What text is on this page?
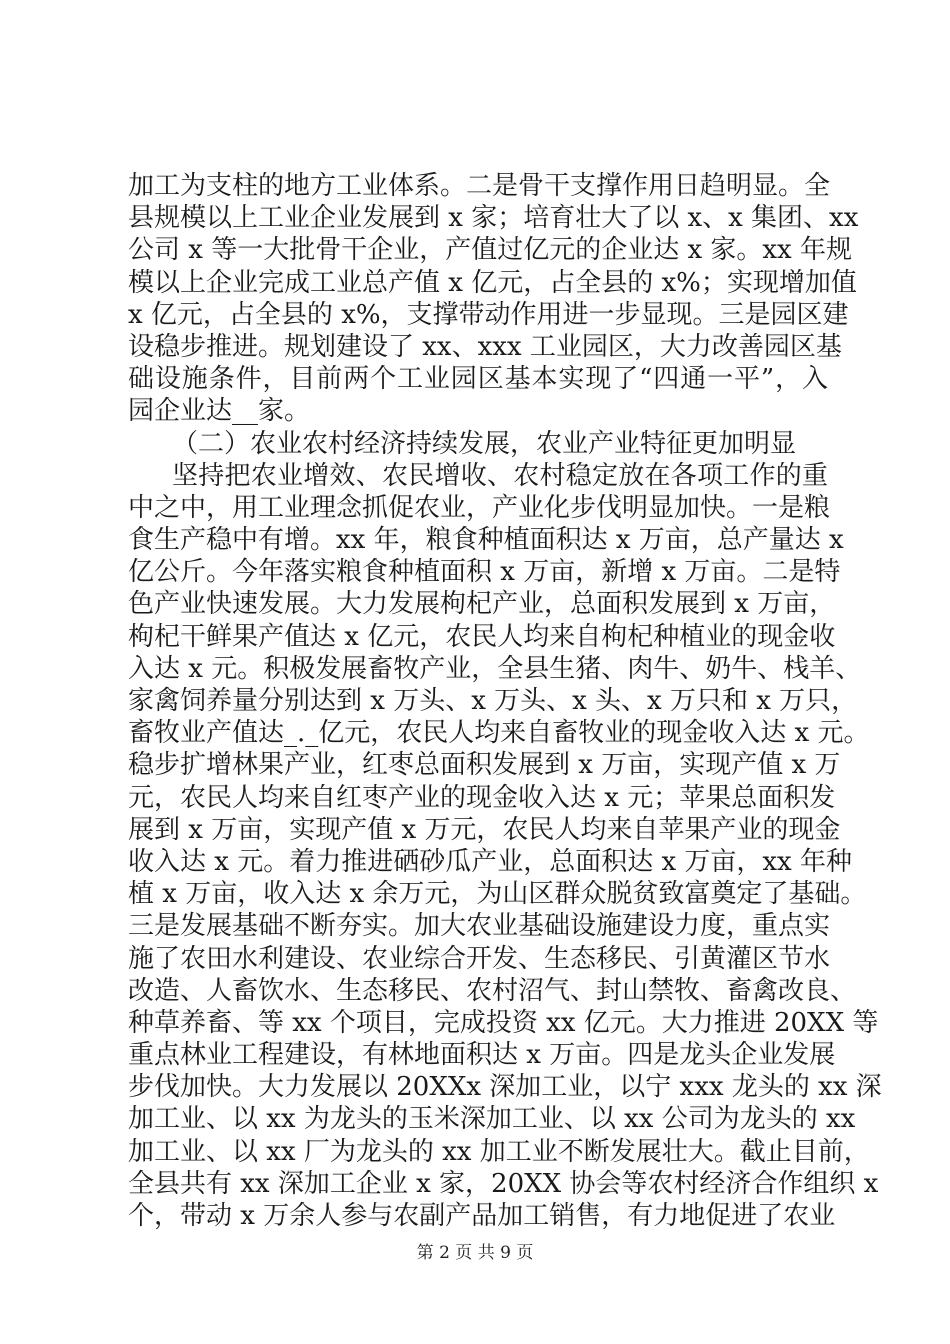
加工为支柱的地方工业体系。二是骨干支撑作用日趋明显。全
县规模以上工业企业发展到 x 家；培育壮大了以 x、x 集团、xx
公司 x 等一大批骨干企业，产值过亿元的企业达 x 家。xx 年规
模以上企业完成工业总产值 x 亿元，占全县的 x%；实现增加值
x 亿元，占全县的 x%，支撑带动作用进一步显现。三是园区建
设稳步推进。规划建设了 xx、xxx 工业园区，大力改善园区基
础设施条件，目前两个工业园区基本实现了“四通一平”，入
园企业达__家。
（二）农业农村经济持续发展，农业产业特征更加明显
坚持把农业增效、农民增收、农村稳定放在各项工作的重
中之中，用工业理念抓促农业，产业化步伐明显加快。一是粮
食生产稳中有增。xx 年，粮食种植面积达 x 万亩，总产量达 x
亿公斤。今年落实粮食种植面积 x 万亩，新增 x 万亩。二是特
色产业快速发展。大力发展枸杞产业，总面积发展到 x 万亩，
枸杞干鲜果产值达 x 亿元，农民人均来自枸杞种植业的现金收
入达 x 元。积极发展畜牧产业，全县生猪、肉牛、奶牛、栈羊、
家禽饲养量分别达到 x 万头、x 万头、x 头、x 万只和 x 万只，
畜牧业产值达_._亿元，农民人均来自畜牧业的现金收入达 x 元。
稳步扩增林果产业，红枣总面积发展到 x 万亩，实现产值 x 万
元，农民人均来自红枣产业的现金收入达 x 元；苹果总面积发
展到 x 万亩，实现产值 x 万元，农民人均来自苹果产业的现金
收入达 x 元。着力推进硒砂瓜产业，总面积达 x 万亩，xx 年种
植 x 万亩，收入达 x 余万元，为山区群众脱贫致富奠定了基础。
三是发展基础不断夯实。加大农业基础设施建设力度，重点实
施了农田水利建设、农业综合开发、生态移民、引黄灌区节水
改造、人畜饮水、生态移民、农村沼气、封山禁牧、畜禽改良、
种草养畜、等 xx 个项目，完成投资 xx 亿元。大力推进 20XX 等
重点林业工程建设，有林地面积达 x 万亩。四是龙头企业发展
步伐加快。大力发展以 20XXx 深加工业，以宁 xxx 龙头的 xx 深
加工业、以 xx 为龙头的玉米深加工业、以 xx 公司为龙头的 xx
加工业、以 xx 厂为龙头的 xx 加工业不断发展壮大。截止目前，
全县共有 xx 深加工企业 x 家，20XX 协会等农村经济合作组织 x
个，带动 x 万余人参与农副产品加工销售，有力地促进了农业
第 2 页 共 9 页
